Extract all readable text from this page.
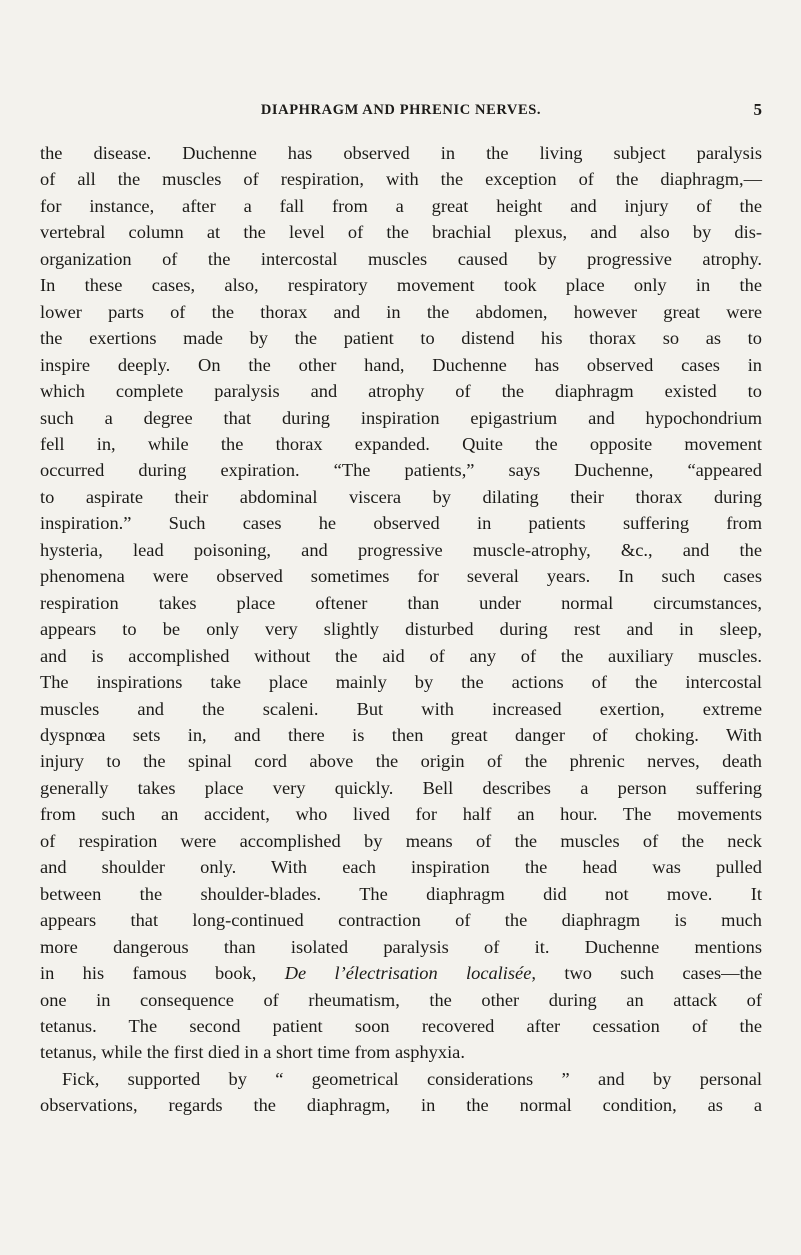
DIAPHRAGM AND PHRENIC NERVES.	5
the disease. Duchenne has observed in the living subject paralysis
of all the muscles of respiration, with the exception of the diaphragm,—
for instance, after a fall from a great height and injury of the
vertebral column at the level of the brachial plexus, and also by dis-
organization of the intercostal muscles caused by progressive atrophy.
In these cases, also, respiratory movement took place only in the
lower parts of the thorax and in the abdomen, however great were
the exertions made by the patient to distend his thorax so as to
inspire deeply. On the other hand, Duchenne has observed cases in
which complete paralysis and atrophy of the diaphragm existed to
such a degree that during inspiration epigastrium and hypochondrium
fell in, while the thorax expanded. Quite the opposite movement
occurred during expiration. “The patients,” says Duchenne, “appeared
to aspirate their abdominal viscera by dilating their thorax during
inspiration.” Such cases he observed in patients suffering from
hysteria, lead poisoning, and progressive muscle-atrophy, &c., and the
phenomena were observed sometimes for several years. In such cases
respiration takes place oftener than under normal circumstances,
appears to be only very slightly disturbed during rest and in sleep,
and is accomplished without the aid of any of the auxiliary muscles.
The inspirations take place mainly by the actions of the intercostal
muscles and the scaleni. But with increased exertion, extreme
dyspnœa sets in, and there is then great danger of choking. With
injury to the spinal cord above the origin of the phrenic nerves, death
generally takes place very quickly. Bell describes a person suffering
from such an accident, who lived for half an hour. The movements
of respiration were accomplished by means of the muscles of the neck
and shoulder only. With each inspiration the head was pulled
between the shoulder-blades. The diaphragm did not move. It
appears that long-continued contraction of the diaphragm is much
more dangerous than isolated paralysis of it. Duchenne mentions
in his famous book, De l’électrisation localisée, two such cases—the
one in consequence of rheumatism, the other during an attack of
tetanus. The second patient soon recovered after cessation of the
tetanus, while the first died in a short time from asphyxia.
Fick, supported by “ geometrical considerations ” and by personal
observations, regards the diaphragm, in the normal condition, as a
